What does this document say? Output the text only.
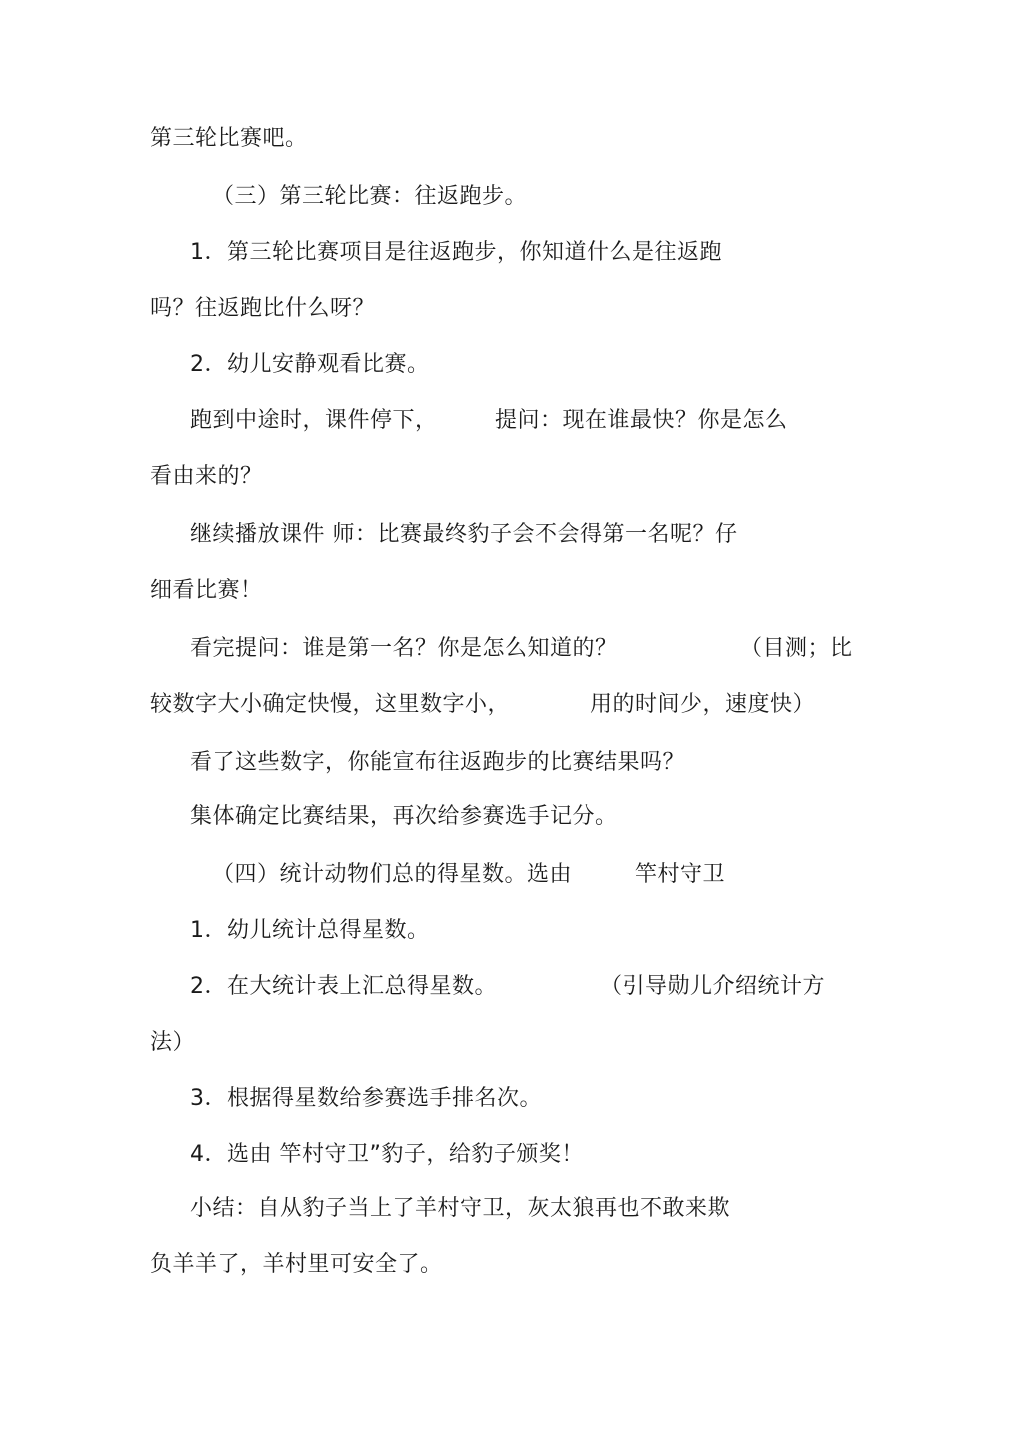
第三轮比赛吧。
（三）第三轮比赛：往返跑步。
1．第三轮比赛项目是往返跑步，你知道什么是往返跑
吗？往返跑比什么呀？
2．幼儿安静观看比赛。
跑到中途时，课件停下，	提问：现在谁最快？你是怎么
看由来的？
继续播放课件 师：比赛最终豹子会不会得第一名呢？仔
细看比赛！
看完提问：谁是第一名？你是怎么知道的？	（目测；比
较数字大小确定快慢，这里数字小，	用的时间少，速度快）
看了这些数字，你能宣布往返跑步的比赛结果吗？
集体确定比赛结果，再次给参赛选手记分。
（四）统计动物们总的得星数。选由	竿村守卫
1．幼儿统计总得星数。
2．在大统计表上汇总得星数。	（引导勋儿介绍统计方
法）
3．根据得星数给参赛选手排名次。
4．选由 竿村守卫”豹子，给豹子颁奖！
小结：自从豹子当上了羊村守卫，灰太狼再也不敢来欺
负羊羊了，羊村里可安全了。
